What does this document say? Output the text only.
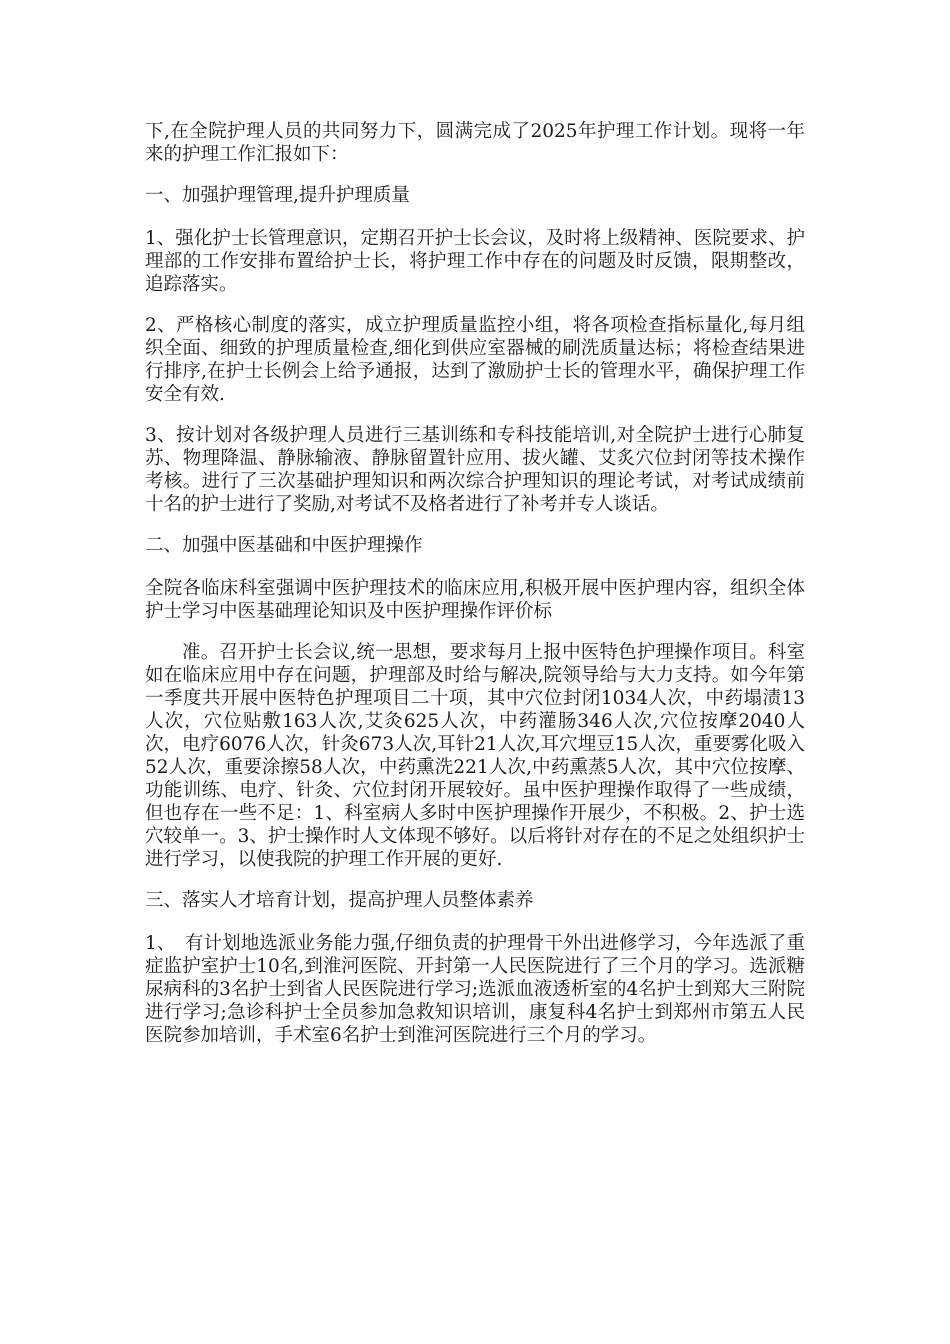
下,在全院护理人员的共同努力下，圆满完成了2025年护理工作计划。现将一年来的护理工作汇报如下：

一、加强护理管理,提升护理质量

1、强化护士长管理意识，定期召开护士长会议，及时将上级精神、医院要求、护理部的工作安排布置给护士长，将护理工作中存在的问题及时反馈，限期整改，追踪落实。

2、严格核心制度的落实，成立护理质量监控小组，将各项检查指标量化,每月组织全面、细致的护理质量检查,细化到供应室器械的刷洗质量达标；将检查结果进行排序,在护士长例会上给予通报，达到了激励护士长的管理水平，确保护理工作安全有效.

3、按计划对各级护理人员进行三基训练和专科技能培训,对全院护士进行心肺复苏、物理降温、静脉输液、静脉留置针应用、拔火罐、艾炙穴位封闭等技术操作考核。进行了三次基础护理知识和两次综合护理知识的理论考试，对考试成绩前十名的护士进行了奖励,对考试不及格者进行了补考并专人谈话。

二、加强中医基础和中医护理操作

全院各临床科室强调中医护理技术的临床应用,积极开展中医护理内容，组织全体护士学习中医基础理论知识及中医护理操作评价标

准。召开护士长会议,统一思想，要求每月上报中医特色护理操作项目。科室如在临床应用中存在问题，护理部及时给与解决,院领导给与大力支持。如今年第一季度共开展中医特色护理项目二十项，其中穴位封闭1034人次，中药塌渍13人次，穴位贴敷163人次,艾灸625人次，中药灌肠346人次,穴位按摩2040人次，电疗6076人次，针灸673人次,耳针21人次,耳穴埋豆15人次，重要雾化吸入52人次，重要涂擦58人次，中药熏洗221人次,中药熏蒸5人次，其中穴位按摩、功能训练、电疗、针灸、穴位封闭开展较好。虽中医护理操作取得了一些成绩，但也存在一些不足：1、科室病人多时中医护理操作开展少，不积极。2、护士选穴较单一。3、护士操作时人文体现不够好。以后将针对存在的不足之处组织护士进行学习，以使我院的护理工作开展的更好.

三、落实人才培育计划，提高护理人员整体素养

1、　有计划地选派业务能力强,仔细负责的护理骨干外出进修学习，今年选派了重症监护室护士10名,到淮河医院、开封第一人民医院进行了三个月的学习。选派糖尿病科的3名护士到省人民医院进行学习;选派血液透析室的4名护士到郑大三附院进行学习;急诊科护士全员参加急救知识培训，康复科4名护士到郑州市第五人民医院参加培训，手术室6名护士到淮河医院进行三个月的学习。
